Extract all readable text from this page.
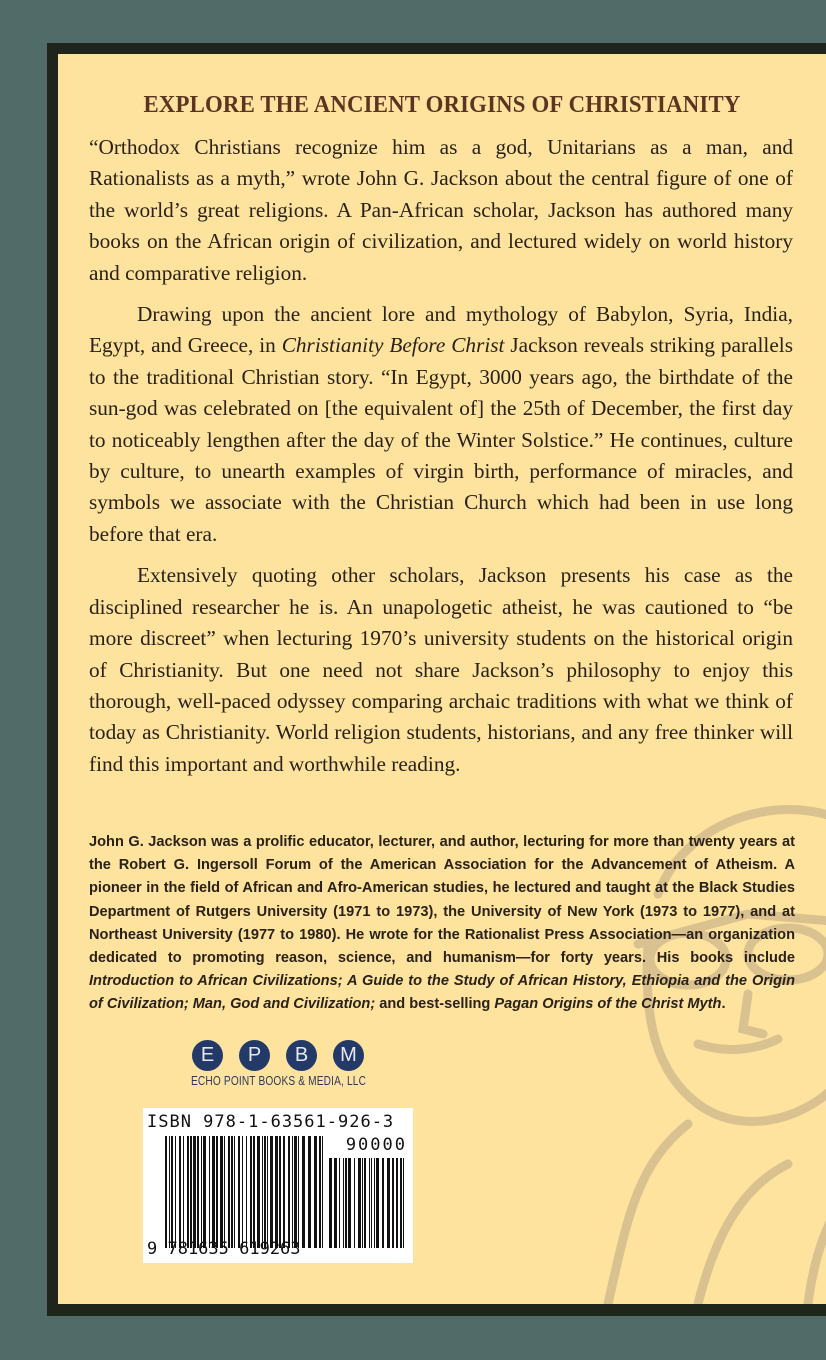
EXPLORE THE ANCIENT ORIGINS OF CHRISTIANITY

“Orthodox Christians recognize him as a god, Unitarians as a man, and Rationalists as a myth,” wrote John G. Jackson about the central figure of one of the world’s great religions. A Pan-African scholar, Jackson has authored many books on the African origin of civilization, and lectured widely on world history and comparative religion.

Drawing upon the ancient lore and mythology of Babylon, Syria, India, Egypt, and Greece, in Christianity Before Christ Jackson reveals striking parallels to the traditional Christian story. “In Egypt, 3000 years ago, the birthdate of the sun-god was celebrated on [the equivalent of] the 25th of December, the first day to noticeably lengthen after the day of the Winter Solstice.” He continues, culture by culture, to unearth examples of virgin birth, performance of miracles, and symbols we associate with the Christian Church which had been in use long before that era.

Extensively quoting other scholars, Jackson presents his case as the disciplined researcher he is. An unapologetic atheist, he was cautioned to “be more discreet” when lecturing 1970’s university students on the historical origin of Christianity. But one need not share Jackson’s philosophy to enjoy this thorough, well-paced odyssey comparing archaic traditions with what we think of today as Christianity. World religion students, historians, and any free thinker will find this important and worthwhile reading.

John G. Jackson was a prolific educator, lecturer, and author, lecturing for more than twenty years at the Robert G. Ingersoll Forum of the American Association for the Advancement of Atheism. A pioneer in the field of African and Afro-American studies, he lectured and taught at the Black Studies Department of Rutgers University (1971 to 1973), the University of New York (1973 to 1977), and at Northeast University (1977 to 1980). He wrote for the Rationalist Press Association—an organization dedicated to promoting reason, science, and humanism—for forty years. His books include Introduction to African Civilizations; A Guide to the Study of African History, Ethiopia and the Origin of Civilization; Man, God and Civilization; and best-selling Pagan Origins of the Christ Myth.

E	P	B	M
ECHO POINT BOOKS & MEDIA, LLC
ISBN 978-1-63561-926-3
90000
9 781635 619263
